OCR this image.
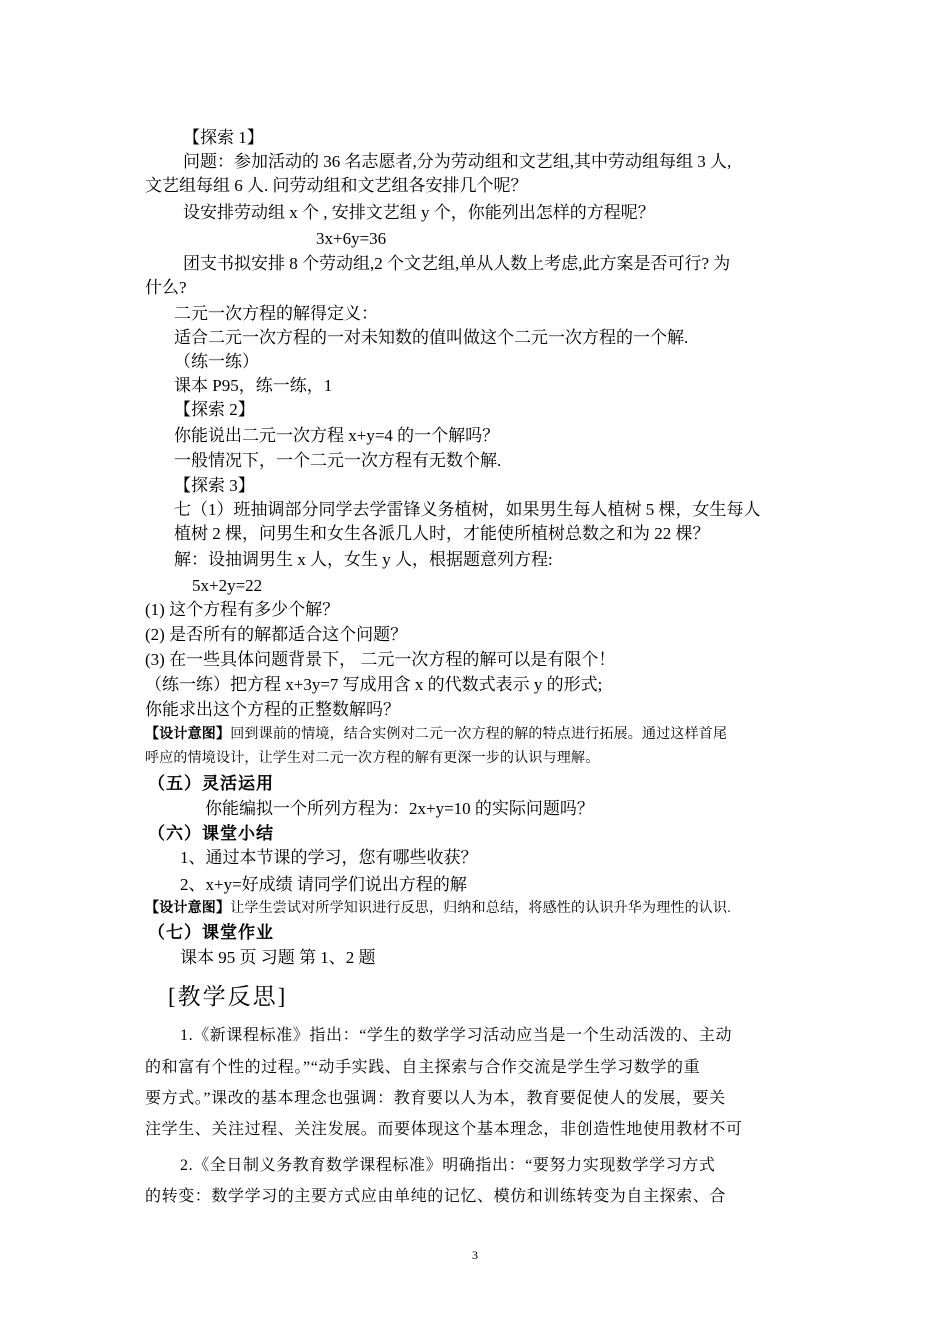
【探索 1】
问题：参加活动的 36 名志愿者,分为劳动组和文艺组,其中劳动组每组 3 人,
文艺组每组 6 人. 问劳动组和文艺组各安排几个呢？
设安排劳动组 x 个 , 安排文艺组 y 个，你能列出怎样的方程呢？
3x+6y=36
团支书拟安排 8 个劳动组,2 个文艺组,单从人数上考虑,此方案是否可行? 为
什么?
二元一次方程的解得定义：
适合二元一次方程的一对未知数的值叫做这个二元一次方程的一个解.
（练一练）
课本 P95，练一练，1
【探索 2】
你能说出二元一次方程 x+y=4 的一个解吗？
一般情况下，一个二元一次方程有无数个解.
【探索 3】
七（1）班抽调部分同学去学雷锋义务植树，如果男生每人植树 5 棵，女生每人
植树 2 棵，问男生和女生各派几人时，才能使所植树总数之和为 22 棵？
解：设抽调男生 x 人，女生 y 人，根据题意列方程:
5x+2y=22
(1) 这个方程有多少个解？
(2) 是否所有的解都适合这个问题？
(3) 在一些具体问题背景下， 二元一次方程的解可以是有限个！
（练一练）把方程 x+3y=7 写成用含 x 的代数式表示 y 的形式;
你能求出这个方程的正整数解吗？
【设计意图】回到课前的情境，结合实例对二元一次方程的解的特点进行拓展。通过这样首尾
呼应的情境设计，让学生对二元一次方程的解有更深一步的认识与理解。
（五）灵活运用
你能编拟一个所列方程为：2x+y=10 的实际问题吗？
（六）课堂小结
1、通过本节课的学习，您有哪些收获？
2、x+y=好成绩 请同学们说出方程的解
【设计意图】让学生尝试对所学知识进行反思，归纳和总结，将感性的认识升华为理性的认识.
（七）课堂作业
课本 95 页 习题 第 1、2 题
[教学反思]
1.《新课程标准》指出：“学生的数学学习活动应当是一个生动活泼的、主动
的和富有个性的过程。”“动手实践、自主探索与合作交流是学生学习数学的重
要方式。”课改的基本理念也强调：教育要以人为本，教育要促使人的发展，要关
注学生、关注过程、关注发展。而要体现这个基本理念，非创造性地使用教材不可
2.《全日制义务教育数学课程标准》明确指出：“要努力实现数学学习方式
的转变：数学学习的主要方式应由单纯的记忆、模仿和训练转变为自主探索、合
3
